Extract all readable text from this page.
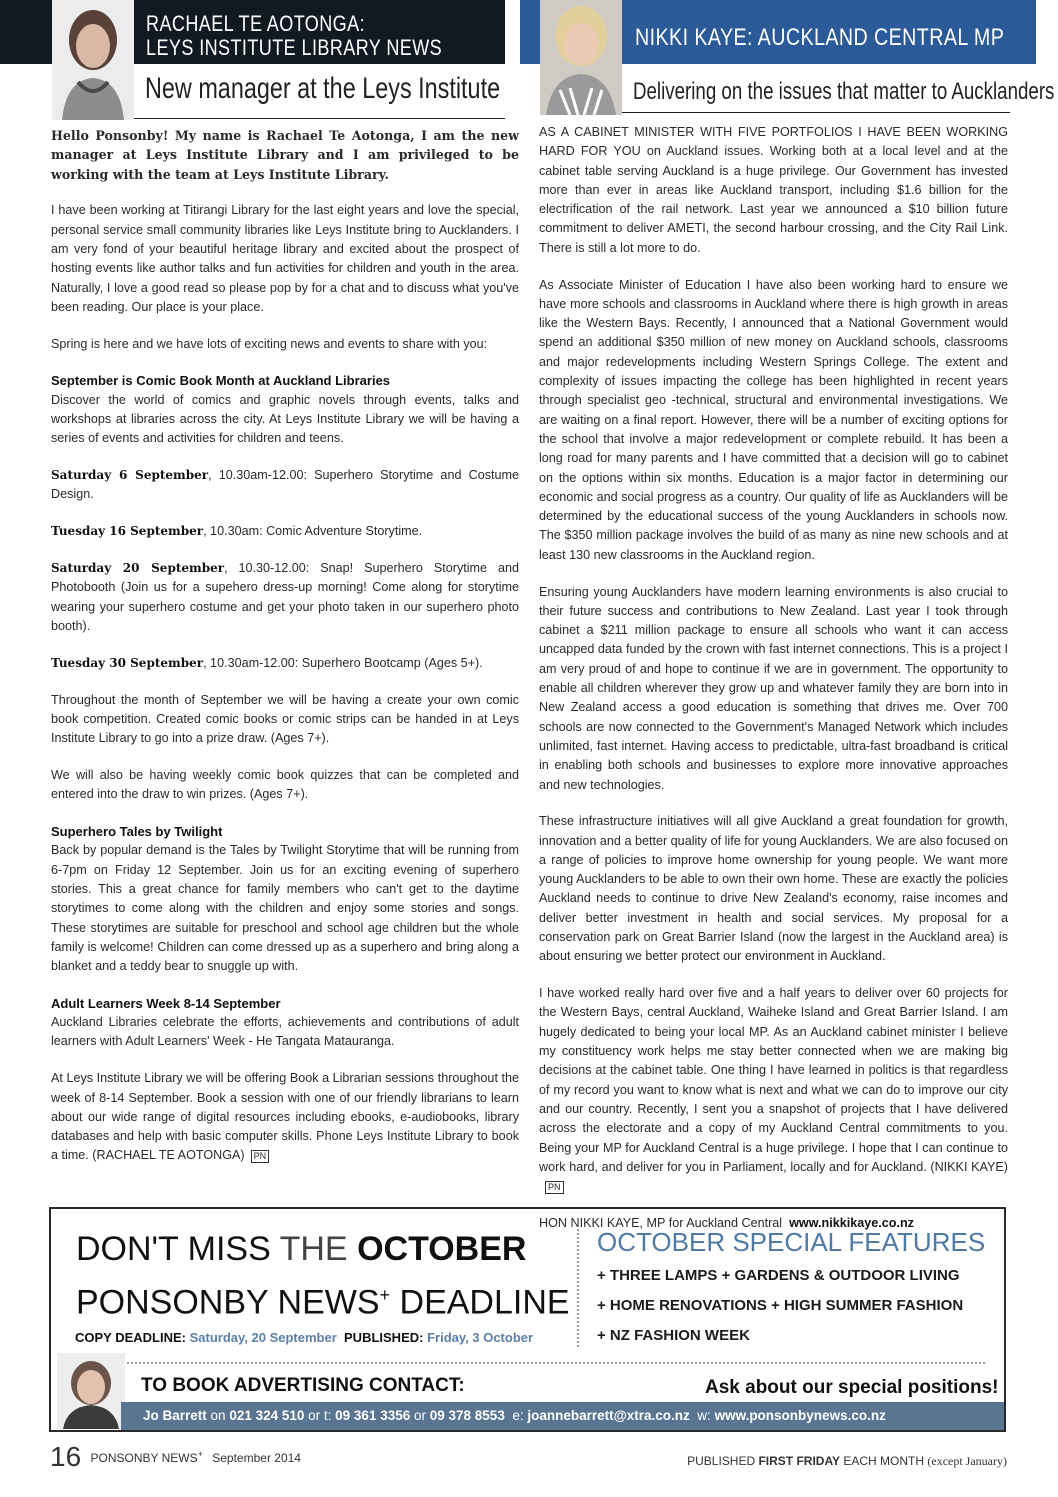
RACHAEL TE AOTONGA:
LEYS INSTITUTE LIBRARY NEWS
New manager at the Leys Institute
NIKKI KAYE: AUCKLAND CENTRAL MP
Delivering on the issues that matter to Aucklanders

Hello Ponsonby! My name is Rachael Te Aotonga, I am the new manager at Leys Institute Library and I am privileged to be working with the team at Leys Institute Library.

I have been working at Titirangi Library for the last eight years and love the special, personal service small community libraries like Leys Institute bring to Aucklanders. I am very fond of your beautiful heritage library and excited about the prospect of hosting events like author talks and fun activities for children and youth in the area. Naturally, I love a good read so please pop by for a chat and to discuss what you've been reading. Our place is your place.

Spring is here and we have lots of exciting news and events to share with you:

September is Comic Book Month at Auckland Libraries
Discover the world of comics and graphic novels through events, talks and workshops at libraries across the city. At Leys Institute Library we will be having a series of events and activities for children and teens.

Saturday 6 September, 10.30am-12.00: Superhero Storytime and Costume Design.

Tuesday 16 September, 10.30am: Comic Adventure Storytime.

Saturday 20 September, 10.30-12.00: Snap! Superhero Storytime and Photobooth (Join us for a supehero dress-up morning! Come along for storytime wearing your superhero costume and get your photo taken in our superhero photo booth).

Tuesday 30 September, 10.30am-12.00: Superhero Bootcamp (Ages 5+).

Throughout the month of September we will be having a create your own comic book competition. Created comic books or comic strips can be handed in at Leys Institute Library to go into a prize draw. (Ages 7+).

We will also be having weekly comic book quizzes that can be completed and entered into the draw to win prizes. (Ages 7+).

Superhero Tales by Twilight
Back by popular demand is the Tales by Twilight Storytime that will be running from 6-7pm on Friday 12 September. Join us for an exciting evening of superhero stories. This a great chance for family members who can't get to the daytime storytimes to come along with the children and enjoy some stories and songs. These storytimes are suitable for preschool and school age children but the whole family is welcome! Children can come dressed up as a superhero and bring along a blanket and a teddy bear to snuggle up with.

Adult Learners Week 8-14 September
Auckland Libraries celebrate the efforts, achievements and contributions of adult learners with Adult Learners' Week - He Tangata Matauranga.

At Leys Institute Library we will be offering Book a Librarian sessions throughout the week of 8-14 September. Book a session with one of our friendly librarians to learn about our wide range of digital resources including ebooks, e-audiobooks, library databases and help with basic computer skills. Phone Leys Institute Library to book a time. (RACHAEL TE AOTONGA) PN

AS A CABINET MINISTER WITH FIVE PORTFOLIOS I HAVE BEEN WORKING HARD FOR YOU on Auckland issues. Working both at a local level and at the cabinet table serving Auckland is a huge privilege. Our Government has invested more than ever in areas like Auckland transport, including $1.6 billion for the electrification of the rail network. Last year we announced a $10 billion future commitment to deliver AMETI, the second harbour crossing, and the City Rail Link. There is still a lot more to do.

As Associate Minister of Education I have also been working hard to ensure we have more schools and classrooms in Auckland where there is high growth in areas like the Western Bays. Recently, I announced that a National Government would spend an additional $350 million of new money on Auckland schools, classrooms and major redevelopments including Western Springs College. The extent and complexity of issues impacting the college has been highlighted in recent years through specialist geo -technical, structural and environmental investigations. We are waiting on a final report. However, there will be a number of exciting options for the school that involve a major redevelopment or complete rebuild. It has been a long road for many parents and I have committed that a decision will go to cabinet on the options within six months. Education is a major factor in determining our economic and social progress as a country. Our quality of life as Aucklanders will be determined by the educational success of the young Aucklanders in schools now. The $350 million package involves the build of as many as nine new schools and at least 130 new classrooms in the Auckland region.

Ensuring young Aucklanders have modern learning environments is also crucial to their future success and contributions to New Zealand. Last year I took through cabinet a $211 million package to ensure all schools who want it can access uncapped data funded by the crown with fast internet connections. This is a project I am very proud of and hope to continue if we are in government. The opportunity to enable all children wherever they grow up and whatever family they are born into in New Zealand access a good education is something that drives me. Over 700 schools are now connected to the Government's Managed Network which includes unlimited, fast internet. Having access to predictable, ultra-fast broadband is critical in enabling both schools and businesses to explore more innovative approaches and new technologies.

These infrastructure initiatives will all give Auckland a great foundation for growth, innovation and a better quality of life for young Aucklanders. We are also focused on a range of policies to improve home ownership for young people. We want more young Aucklanders to be able to own their own home. These are exactly the policies Auckland needs to continue to drive New Zealand's economy, raise incomes and deliver better investment in health and social services. My proposal for a conservation park on Great Barrier Island (now the largest in the Auckland area) is about ensuring we better protect our environment in Auckland.

I have worked really hard over five and a half years to deliver over 60 projects for the Western Bays, central Auckland, Waiheke Island and Great Barrier Island. I am hugely dedicated to being your local MP. As an Auckland cabinet minister I believe my constituency work helps me stay better connected when we are making big decisions at the cabinet table. One thing I have learned in politics is that regardless of my record you want to know what is next and what we can do to improve our city and our country. Recently, I sent you a snapshot of projects that I have delivered across the electorate and a copy of my Auckland Central commitments to you. Being your MP for Auckland Central is a huge privilege. I hope that I can continue to work hard, and deliver for you in Parliament, locally and for Auckland. (NIKKI KAYE)PN

HON NIKKI KAYE, MP for Auckland Central www.nikkikaye.co.nz

DON'T MISS THE OCTOBER
PONSONBY NEWS+ DEADLINE
COPY DEADLINE: Saturday, 20 September PUBLISHED: Friday, 3 October
OCTOBER SPECIAL FEATURES
+ THREE LAMPS + GARDENS & OUTDOOR LIVING
+ HOME RENOVATIONS + HIGH SUMMER FASHION
+ NZ FASHION WEEK
TO BOOK ADVERTISING CONTACT:	Ask about our special positions!
Jo Barrett on 021 324 510 or t: 09 361 3356 or 09 378 8553  e: joannebarrett@xtra.co.nz  w: www.ponsonbynews.co.nz
16 PONSONBY NEWS+ September 2014	PUBLISHED FIRST FRIDAY EACH MONTH (except January)
